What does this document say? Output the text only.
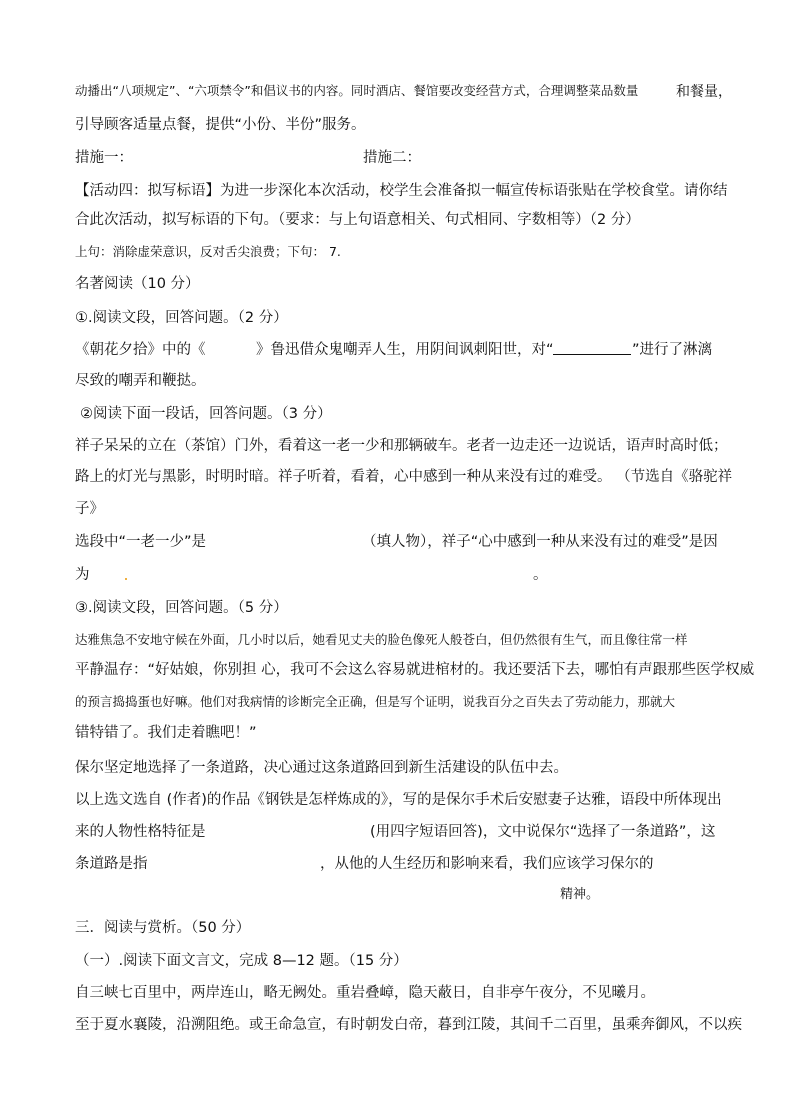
动播出“八项规定”、“六项禁令”和倡议书的内容。同时酒店、餐馆要改变经营方式，合理调整菜品数量	和餐量，
引导顾客适量点餐，提供“小份、半份”服务。
措施一：	措施二：
【活动四：拟写标语】为进一步深化本次活动，校学生会准备拟一幅宣传标语张贴在学校食堂。请你结
合此次活动，拟写标语的下句。（要求：与上句语意相关、句式相同、字数相等）（2 分）
上句：消除虚荣意识，反对舌尖浪费；下句： 7.
名著阅读（10 分）
①.阅读文段，回答问题。（2 分）
《朝花夕拾》中的《	》鲁迅借众鬼嘲弄人生，用阴间讽刺阳世，对“	”进行了淋漓
尽致的嘲弄和鞭挞。
②阅读下面一段话，回答问题。（3 分）
祥子呆呆的立在（茶馆）门外，看着这一老一少和那辆破车。老者一边走还一边说话，语声时高时低；
路上的灯光与黑影，时明时暗。祥子听着，看着，心中感到一种从来没有过的难受。 （节选自《骆驼祥
子》
选段中“一老一少”是	（填人物），祥子“心中感到一种从来没有过的难受”是因
为	。
③.阅读文段，回答问题。（5 分）
达雅焦急不安地守候在外面，几小时以后，她看见丈夫的脸色像死人般苍白，但仍然很有生气，而且像往常一样
平静温存：“好姑娘，你别担 心，我可不会这么容易就进棺材的。我还要活下去，哪怕有声跟那些医学权威
的预言捣捣蛋也好嘛。他们对我病情的诊断完全正确，但是写个证明，说我百分之百失去了劳动能力，那就大
错特错了。我们走着瞧吧！”
保尔坚定地选择了一条道路，决心通过这条道路回到新生活建设的队伍中去。
以上选文选自 (作者)的作品《钢铁是怎样炼成的》，写的是保尔手术后安慰妻子达雅，语段中所体现出
来的人物性格特征是	(用四字短语回答)，文中说保尔“选择了一条道路”，这
条道路是指	，从他的人生经历和影响来看，我们应该学习保尔的
精神。
三．阅读与赏析。（50 分）
（一）.阅读下面文言文，完成 8—12 题。（15 分）
自三峡七百里中，两岸连山，略无阙处。重岩叠嶂，隐天蔽日，自非亭午夜分，不见曦月。
至于夏水襄陵，沿溯阻绝。或王命急宣，有时朝发白帝，暮到江陵，其间千二百里，虽乘奔御风，不以疾
